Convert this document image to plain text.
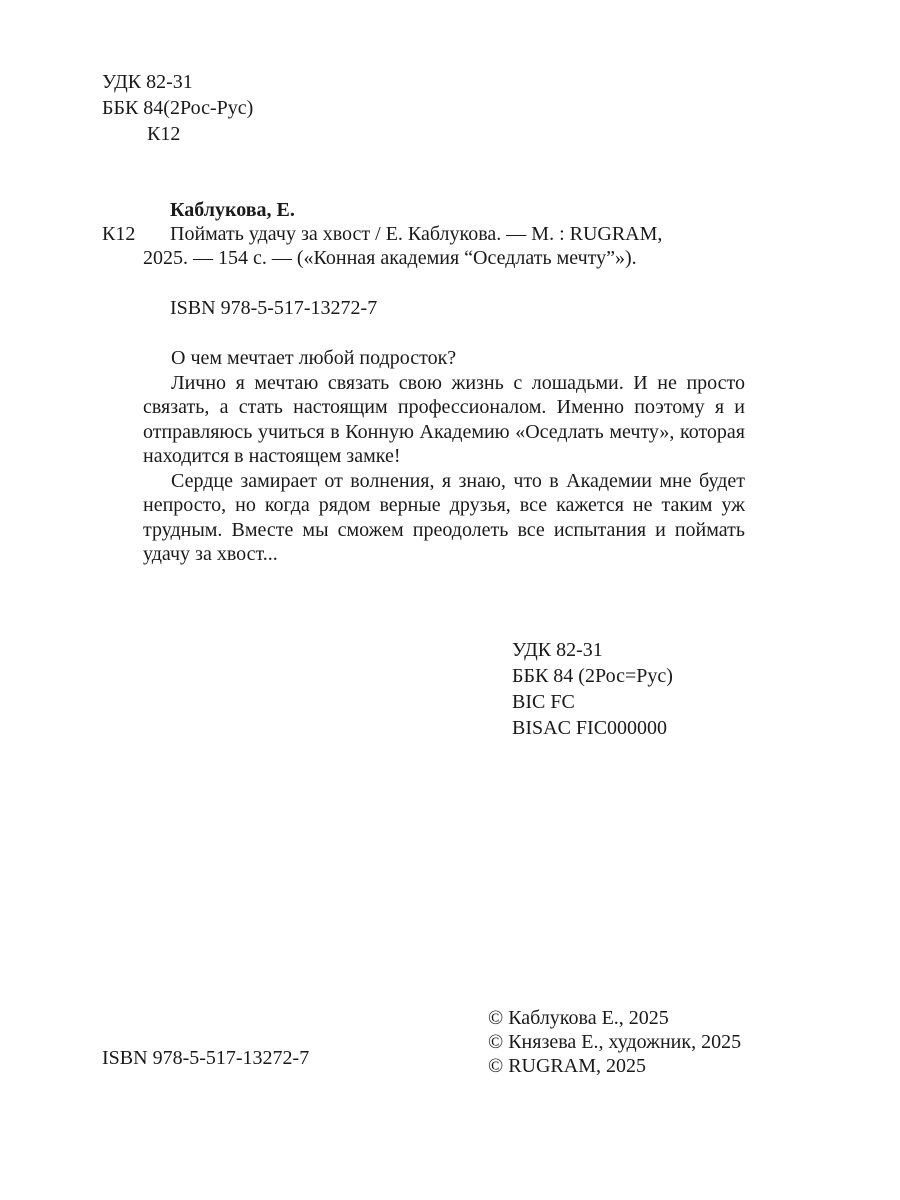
УДК 82-31
ББК 84(2Рос-Рус)
К12
Каблукова, Е.
К12 Поймать удачу за хвост / Е. Каблукова. — М. : RUGRAM,
2025. — 154 с. — («Конная академия “Оседлать мечту”»).
ISBN 978-5-517-13272-7

О чем мечтает любой подросток?

Лично я мечтаю связать свою жизнь с лошадьми. И не просто связать, а стать настоящим профессионалом. Именно поэтому я и отправляюсь учиться в Конную Академию «Оседлать мечту», которая находится в настоящем замке!

Сердце замирает от волнения, я знаю, что в Академии мне будет непросто, но когда рядом верные друзья, все кажется не таким уж трудным. Вместе мы сможем преодолеть все испытания и поймать удачу за хвост...

УДК 82-31
ББК 84 (2Рос=Рус)
BIC FC
BISAC FIC000000
ISBN 978-5-517-13272-7
© Каблукова Е., 2025
© Князева Е., художник, 2025
© RUGRAM, 2025
